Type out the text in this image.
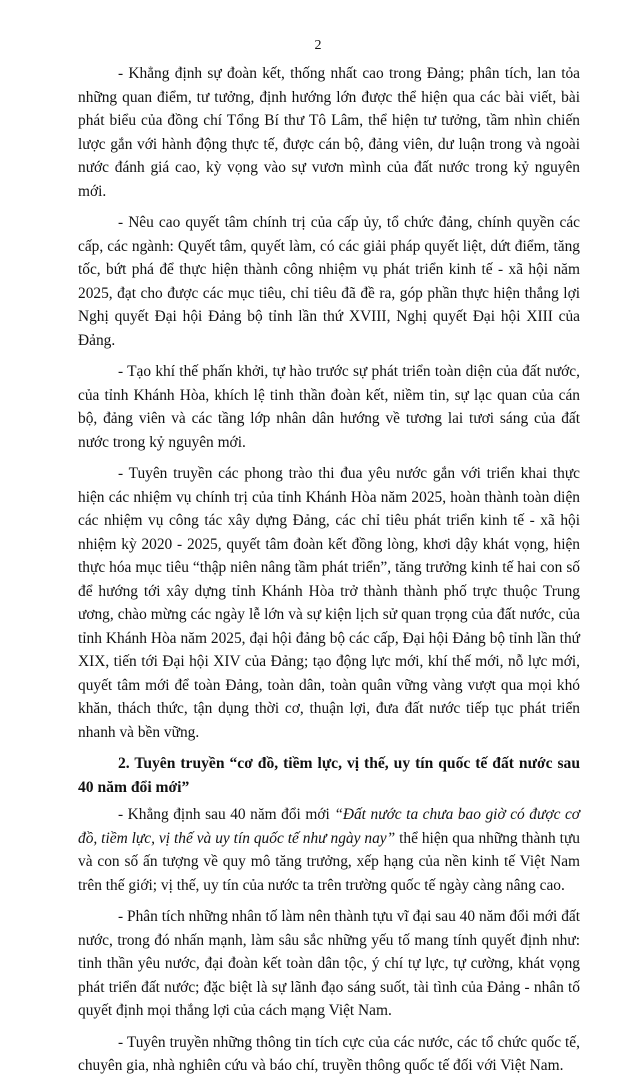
2

- Khẳng định sự đoàn kết, thống nhất cao trong Đảng; phân tích, lan tỏa những quan điểm, tư tưởng, định hướng lớn được thể hiện qua các bài viết, bài phát biểu của đồng chí Tổng Bí thư Tô Lâm, thể hiện tư tưởng, tầm nhìn chiến lược gắn với hành động thực tế, được cán bộ, đảng viên, dư luận trong và ngoài nước đánh giá cao, kỳ vọng vào sự vươn mình của đất nước trong kỷ nguyên mới.

- Nêu cao quyết tâm chính trị của cấp ủy, tổ chức đảng, chính quyền các cấp, các ngành: Quyết tâm, quyết làm, có các giải pháp quyết liệt, dứt điểm, tăng tốc, bứt phá để thực hiện thành công nhiệm vụ phát triển kinh tế - xã hội năm 2025, đạt cho được các mục tiêu, chỉ tiêu đã đề ra, góp phần thực hiện thắng lợi Nghị quyết Đại hội Đảng bộ tỉnh lần thứ XVIII, Nghị quyết Đại hội XIII của Đảng.

- Tạo khí thế phấn khởi, tự hào trước sự phát triển toàn diện của đất nước, của tỉnh Khánh Hòa, khích lệ tinh thần đoàn kết, niềm tin, sự lạc quan của cán bộ, đảng viên và các tầng lớp nhân dân hướng về tương lai tươi sáng của đất nước trong kỷ nguyên mới.

- Tuyên truyền các phong trào thi đua yêu nước gắn với triển khai thực hiện các nhiệm vụ chính trị của tỉnh Khánh Hòa năm 2025, hoàn thành toàn diện các nhiệm vụ công tác xây dựng Đảng, các chỉ tiêu phát triển kinh tế - xã hội nhiệm kỳ 2020 - 2025, quyết tâm đoàn kết đồng lòng, khơi dậy khát vọng, hiện thực hóa mục tiêu “thập niên nâng tầm phát triển”, tăng trưởng kinh tế hai con số để hướng tới xây dựng tỉnh Khánh Hòa trở thành thành phố trực thuộc Trung ương, chào mừng các ngày lễ lớn và sự kiện lịch sử quan trọng của đất nước, của tỉnh Khánh Hòa năm 2025, đại hội đảng bộ các cấp, Đại hội Đảng bộ tỉnh lần thứ XIX, tiến tới Đại hội XIV của Đảng; tạo động lực mới, khí thế mới, nỗ lực mới, quyết tâm mới để toàn Đảng, toàn dân, toàn quân vững vàng vượt qua mọi khó khăn, thách thức, tận dụng thời cơ, thuận lợi, đưa đất nước tiếp tục phát triển nhanh và bền vững.

2. Tuyên truyền “cơ đồ, tiềm lực, vị thế, uy tín quốc tế đất nước sau 40 năm đổi mới”

- Khẳng định sau 40 năm đổi mới “Đất nước ta chưa bao giờ có được cơ đồ, tiềm lực, vị thế và uy tín quốc tế như ngày nay” thể hiện qua những thành tựu và con số ấn tượng về quy mô tăng trưởng, xếp hạng của nền kinh tế Việt Nam trên thế giới; vị thế, uy tín của nước ta trên trường quốc tế ngày càng nâng cao.

- Phân tích những nhân tố làm nên thành tựu vĩ đại sau 40 năm đổi mới đất nước, trong đó nhấn mạnh, làm sâu sắc những yếu tố mang tính quyết định như: tinh thần yêu nước, đại đoàn kết toàn dân tộc, ý chí tự lực, tự cường, khát vọng phát triển đất nước; đặc biệt là sự lãnh đạo sáng suốt, tài tình của Đảng - nhân tố quyết định mọi thắng lợi của cách mạng Việt Nam.

- Tuyên truyền những thông tin tích cực của các nước, các tổ chức quốc tế, chuyên gia, nhà nghiên cứu và báo chí, truyền thông quốc tế đối với Việt Nam.
